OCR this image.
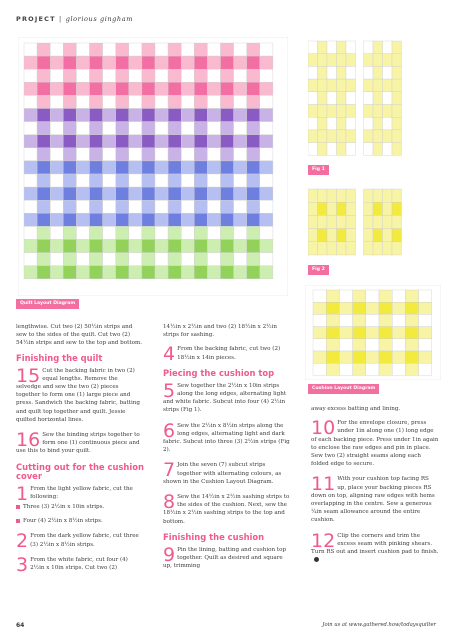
PROJECT | glorious gingham
Quilt Layout Diagram
Fig 1
Fig 2
Cushion Layout Diagram

lengthwise. Cut two (2) 50½in strips and sew to the sides of the quilt. Cut two (2) 54½in strips and sew to the top and bottom.

Finishing the quilt
15 Cut the backing fabric in two (2) equal lengths. Remove the selvedge and sew the two (2) pieces together to form one (1) large piece and press. Sandwich the backing fabric, batting and quilt top together and quilt. Jessie quilted horizontal lines.
16 Sew the binding strips together to form one (1) continuous piece and use this to bind your quilt.
Cutting out for the cushion cover
1 From the light yellow fabric, cut the following:

Three (3) 2½in x 10in strips.

Four (4) 2½in x 8½in strips.

2 From the dark yellow fabric, cut three (3) 2½in x 8½in strips.
3 From the white fabric, cut four (4) 2½in x 10in strips. Cut two (2)

14½in x 2½in and two (2) 18½in x 2½in strips for sashing.

4 From the backing fabric, cut two (2) 18½in x 14in pieces.
Piecing the cushion top
5 Sew together the 2½in x 10in strips along the long edges, alternating light and white fabric. Subcut into four (4) 2½in strips (Fig 1).
6 Sew the 2½in x 8½in strips along the long edges, alternating light and dark fabric. Subcut into three (3) 2½in strips (Fig 2).
7 Join the seven (7) subcut strips together with alternating colours, as shown in the Cushion Layout Diagram.
8 Sew the 14½in x 2½in sashing strips to the sides of the cushion. Next, sew the 18½in x 2½in sashing strips to the top and bottom.
Finishing the cushion
9 Pin the lining, batting and cushion top together. Quilt as desired and square up, trimming

away excess batting and lining.

10 For the envelope closure, press under 1in along one (1) long edge of each backing piece. Press under 1in again to enclose the raw edges and pin in place. Sew two (2) straight seams along each folded edge to secure.
11 With your cushion top facing RS up, place your backing pieces RS down on top, aligning raw edges with hems overlapping in the centre. Sew a generous ¼in seam allowance around the entire cushion.
12 Clip the corners and trim the excess seam with pinking shears. Turn RS out and insert cushion pad to finish.
64	Join us at www.gathered.how/todaysquilter
